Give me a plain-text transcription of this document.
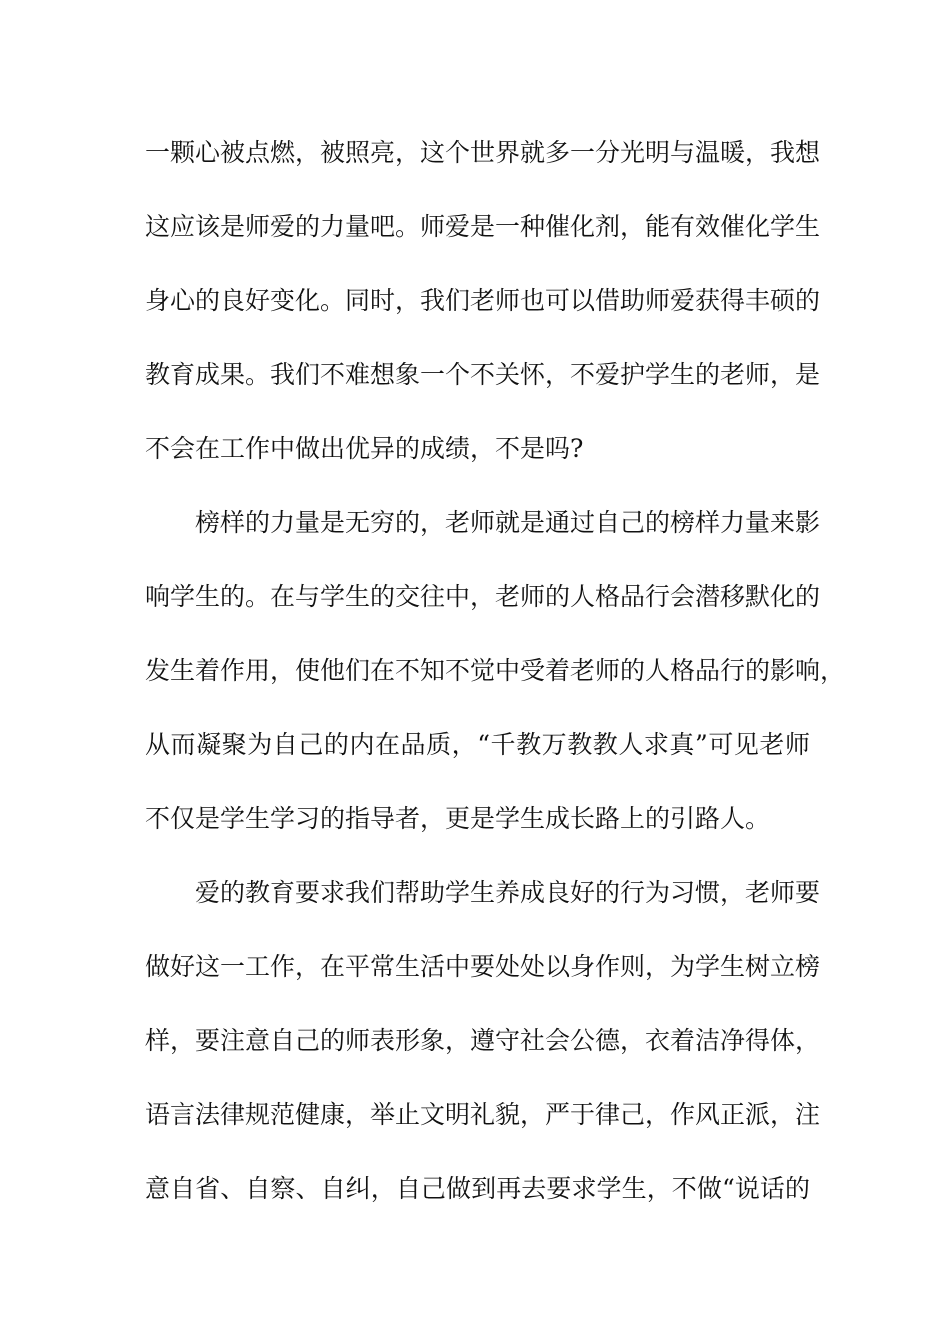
一颗心被点燃，被照亮，这个世界就多一分光明与温暖，我想
这应该是师爱的力量吧。师爱是一种催化剂，能有效催化学生
身心的良好变化。同时，我们老师也可以借助师爱获得丰硕的
教育成果。我们不难想象一个不关怀，不爱护学生的老师，是
不会在工作中做出优异的成绩，不是吗?
榜样的力量是无穷的，老师就是通过自己的榜样力量来影
响学生的。在与学生的交往中，老师的人格品行会潜移默化的
发生着作用，使他们在不知不觉中受着老师的人格品行的影响，
从而凝聚为自己的内在品质，“千教万教教人求真”可见老师
不仅是学生学习的指导者，更是学生成长路上的引路人。
爱的教育要求我们帮助学生养成良好的行为习惯，老师要
做好这一工作，在平常生活中要处处以身作则，为学生树立榜
样，要注意自己的师表形象，遵守社会公德，衣着洁净得体，
语言法律规范健康，举止文明礼貌，严于律己，作风正派，注
意自省、自察、自纠，自己做到再去要求学生，不做“说话的
